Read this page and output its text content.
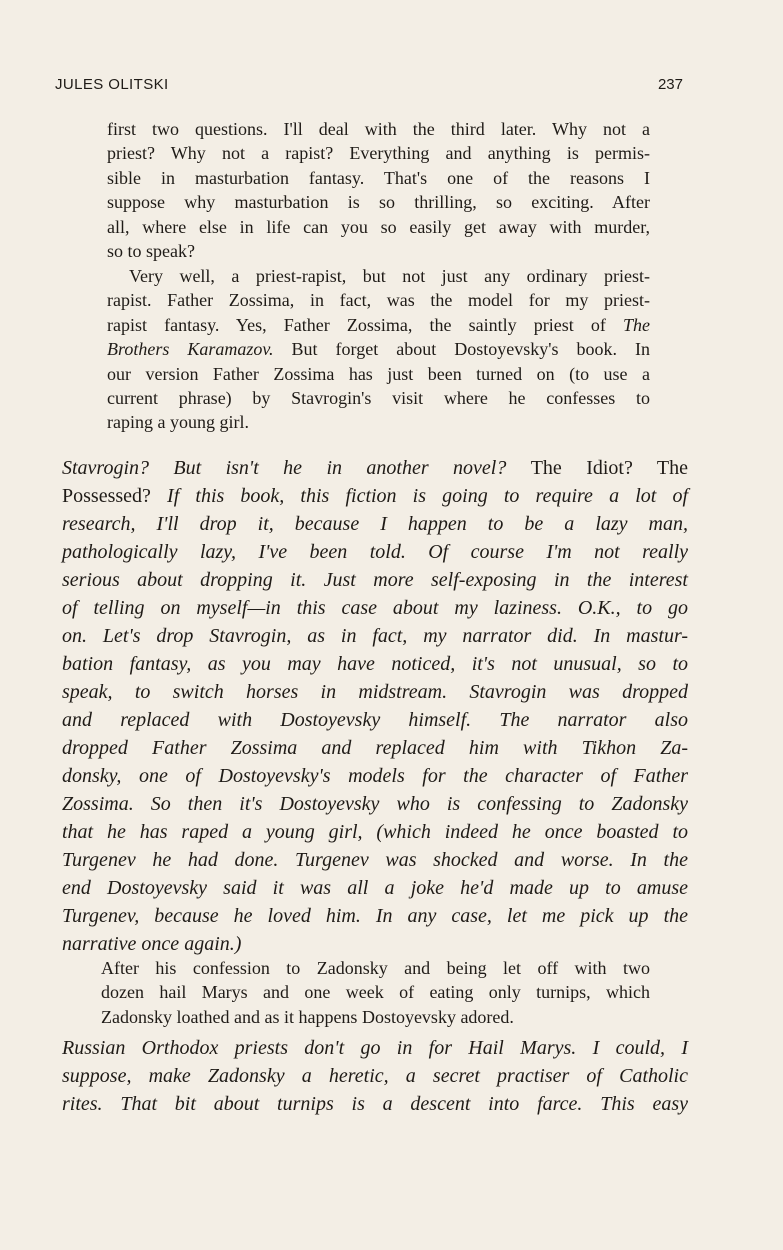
JULES OLITSKI	237
first two questions. I'll deal with the third later. Why not a
priest? Why not a rapist? Everything and anything is permis-
sible in masturbation fantasy. That's one of the reasons I
suppose why masturbation is so thrilling, so exciting. After
all, where else in life can you so easily get away with murder,
so to speak?
Very well, a priest-rapist, but not just any ordinary priest-
rapist. Father Zossima, in fact, was the model for my priest-
rapist fantasy. Yes, Father Zossima, the saintly priest of The
Brothers Karamazov. But forget about Dostoyevsky's book. In
our version Father Zossima has just been turned on (to use a
current phrase) by Stavrogin's visit where he confesses to
raping a young girl.
Stavrogin? But isn't he in another novel? The Idiot? The
Possessed? If this book, this fiction is going to require a lot of
research, I'll drop it, because I happen to be a lazy man,
pathologically lazy, I've been told. Of course I'm not really
serious about dropping it. Just more self-exposing in the interest
of telling on myself—in this case about my laziness. O.K., to go
on. Let's drop Stavrogin, as in fact, my narrator did. In mastur-
bation fantasy, as you may have noticed, it's not unusual, so to
speak, to switch horses in midstream. Stavrogin was dropped
and replaced with Dostoyevsky himself. The narrator also
dropped Father Zossima and replaced him with Tikhon Za-
donsky, one of Dostoyevsky's models for the character of Father
Zossima. So then it's Dostoyevsky who is confessing to Zadonsky
that he has raped a young girl, (which indeed he once boasted to
Turgenev he had done. Turgenev was shocked and worse. In the
end Dostoyevsky said it was all a joke he'd made up to amuse
Turgenev, because he loved him. In any case, let me pick up the
narrative once again.)
After his confession to Zadonsky and being let off with two
dozen hail Marys and one week of eating only turnips, which
Zadonsky loathed and as it happens Dostoyevsky adored.
Russian Orthodox priests don't go in for Hail Marys. I could, I
suppose, make Zadonsky a heretic, a secret practiser of Catholic
rites. That bit about turnips is a descent into farce. This easy
